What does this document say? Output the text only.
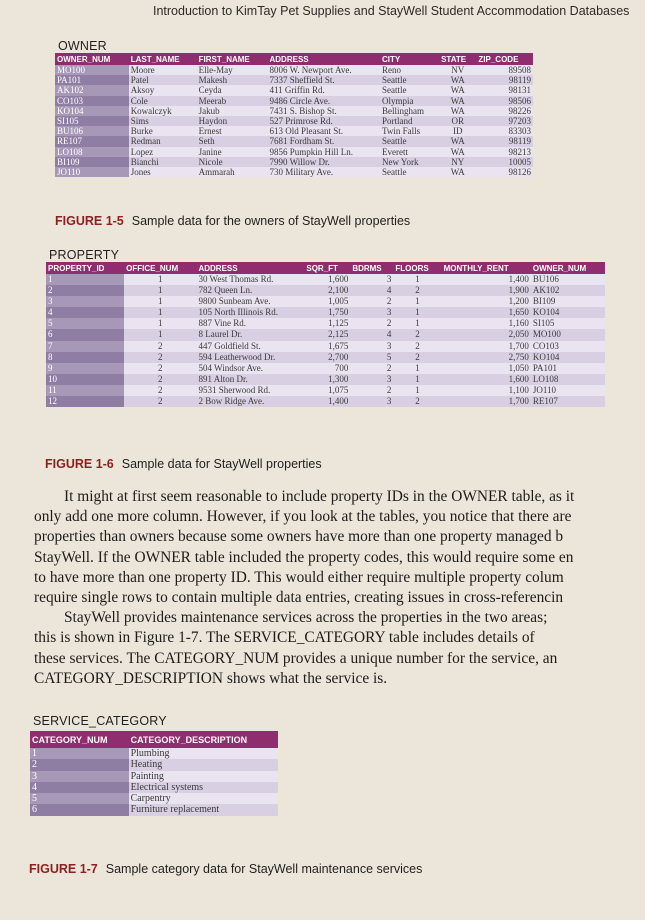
Introduction to KimTay Pet Supplies and StayWell Student Accommodation Databases
OWNER
OWNER_NUM	LAST_NAME	FIRST_NAME	ADDRESS	CITY	STATE	ZIP_CODE
MO100	Moore	Elle-May	8006 W. Newport Ave.	Reno	NV	89508
PA101	Patel	Makesh	7337 Sheffield St.	Seattle	WA	98119
AK102	Aksoy	Ceyda	411 Griffin Rd.	Seattle	WA	98131
CO103	Cole	Meerab	9486 Circle Ave.	Olympia	WA	98506
KO104	Kowalczyk	Jakub	7431 S. Bishop St.	Bellingham	WA	98226
SI105	Sims	Haydon	527 Primrose Rd.	Portland	OR	97203
BU106	Burke	Ernest	613 Old Pleasant St.	Twin Falls	ID	83303
RE107	Redman	Seth	7681 Fordham St.	Seattle	WA	98119
LO108	Lopez	Janine	9856 Pumpkin Hill Ln.	Everett	WA	98213
BI109	Bianchi	Nicole	7990 Willow Dr.	New York	NY	10005
JO110	Jones	Ammarah	730 Military Ave.	Seattle	WA	98126
FIGURE 1-5 Sample data for the owners of StayWell properties
PROPERTY
PROPERTY_ID	OFFICE_NUM	ADDRESS	SQR_FT	BDRMS	FLOORS	MONTHLY_RENT	OWNER_NUM
1	1	30 West Thomas Rd.	1,600	3	1	1,400	BU106
2	1	782 Queen Ln.	2,100	4	2	1,900	AK102
3	1	9800 Sunbeam Ave.	1,005	2	1	1,200	BI109
4	1	105 North Illinois Rd.	1,750	3	1	1,650	KO104
5	1	887 Vine Rd.	1,125	2	1	1,160	SI105
6	1	8 Laurel Dr.	2,125	4	2	2,050	MO100
7	2	447 Goldfield St.	1,675	3	2	1,700	CO103
8	2	594 Leatherwood Dr.	2,700	5	2	2,750	KO104
9	2	504 Windsor Ave.	700	2	1	1,050	PA101
10	2	891 Alton Dr.	1,300	3	1	1,600	LO108
11	2	9531 Sherwood Rd.	1,075	2	1	1,100	JO110
12	2	2 Bow Ridge Ave.	1,400	3	2	1,700	RE107
FIGURE 1-6 Sample data for StayWell properties

It might at first seem reasonable to include property IDs in the OWNER table, as it

only add one more column. However, if you look at the tables, you notice that there are

properties than owners because some owners have more than one property managed b

StayWell. If the OWNER table included the property codes, this would require some en

to have more than one property ID. This would either require multiple property colum

require single rows to contain multiple data entries, creating issues in cross-referencin

StayWell provides maintenance services across the properties in the two areas;

this is shown in Figure 1-7. The SERVICE_CATEGORY table includes details of

these services. The CATEGORY_NUM provides a unique number for the service, an

CATEGORY_DESCRIPTION shows what the service is.

SERVICE_CATEGORY
CATEGORY_NUM	CATEGORY_DESCRIPTION
1	Plumbing
2	Heating
3	Painting
4	Electrical systems
5	Carpentry
6	Furniture replacement
FIGURE 1-7 Sample category data for StayWell maintenance services
